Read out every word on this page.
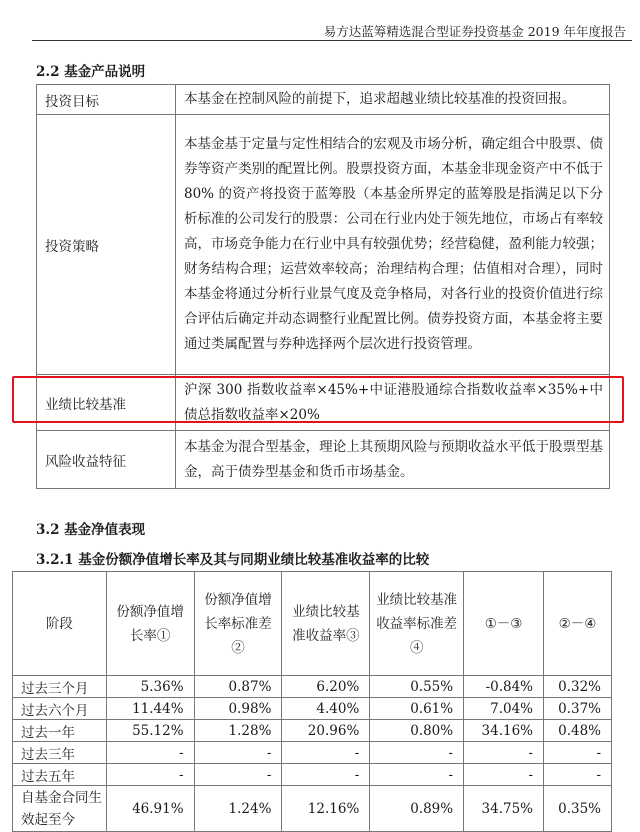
易方达蓝筹精选混合型证券投资基金 2019 年年度报告
2.2 基金产品说明
投资目标	本基金在控制风险的前提下，追求超越业绩比较基准的投资回报。
投资策略	本基金基于定量与定性相结合的宏观及市场分析，确定组合中股票、债券等资产类别的配置比例。股票投资方面，本基金非现金资产中不低于 80% 的资产将投资于蓝筹股（本基金所界定的蓝筹股是指满足以下分析标准的公司发行的股票：公司在行业内处于领先地位，市场占有率较高，市场竞争能力在行业中具有较强优势；经营稳健，盈利能力较强；财务结构合理；运营效率较高；治理结构合理；估值相对合理），同时本基金将通过分析行业景气度及竞争格局，对各行业的投资价值进行综合评估后确定并动态调整行业配置比例。债券投资方面，本基金将主要通过类属配置与券种选择两个层次进行投资管理。
业绩比较基准	沪深 300 指数收益率×45%+中证港股通综合指数收益率×35%+中债总指数收益率×20%
风险收益特征	本基金为混合型基金，理论上其预期风险与预期收益水平低于股票型基金，高于债券型基金和货币市场基金。
3.2 基金净值表现
3.2.1 基金份额净值增长率及其与同期业绩比较基准收益率的比较
阶段	份额净值增长率①	份额净值增长率标准差②	业绩比较基准收益率③	业绩比较基准收益率标准差④	①－③	②－④
过去三个月	5.36%	0.87%	6.20%	0.55%	-0.84%	0.32%
过去六个月	11.44%	0.98%	4.40%	0.61%	7.04%	0.37%
过去一年	55.12%	1.28%	20.96%	0.80%	34.16%	0.48%
过去三年	-	-	-	-	-	-
过去五年	-	-	-	-	-	-
自基金合同生效起至今	46.91%	1.24%	12.16%	0.89%	34.75%	0.35%
